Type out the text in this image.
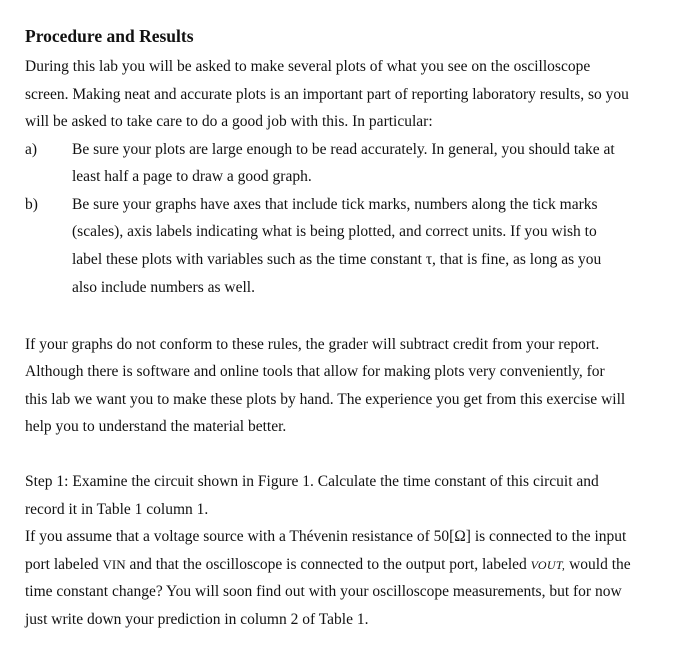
Procedure and Results
During this lab you will be asked to make several plots of what you see on the oscilloscope
screen. Making neat and accurate plots is an important part of reporting laboratory results, so you
will be asked to take care to do a good job with this. In particular:
a) Be sure your plots are large enough to be read accurately. In general, you should take at
least half a page to draw a good graph.
b) Be sure your graphs have axes that include tick marks, numbers along the tick marks
(scales), axis labels indicating what is being plotted, and correct units. If you wish to
label these plots with variables such as the time constant τ, that is fine, as long as you
also include numbers as well.
If your graphs do not conform to these rules, the grader will subtract credit from your report.
Although there is software and online tools that allow for making plots very conveniently, for
this lab we want you to make these plots by hand. The experience you get from this exercise will
help you to understand the material better.
Step 1: Examine the circuit shown in Figure 1. Calculate the time constant of this circuit and
record it in Table 1 column 1.
If you assume that a voltage source with a Thévenin resistance of 50[Ω] is connected to the input
port labeled VIN and that the oscilloscope is connected to the output port, labeled VOUT, would the
time constant change? You will soon find out with your oscilloscope measurements, but for now
just write down your prediction in column 2 of Table 1.
